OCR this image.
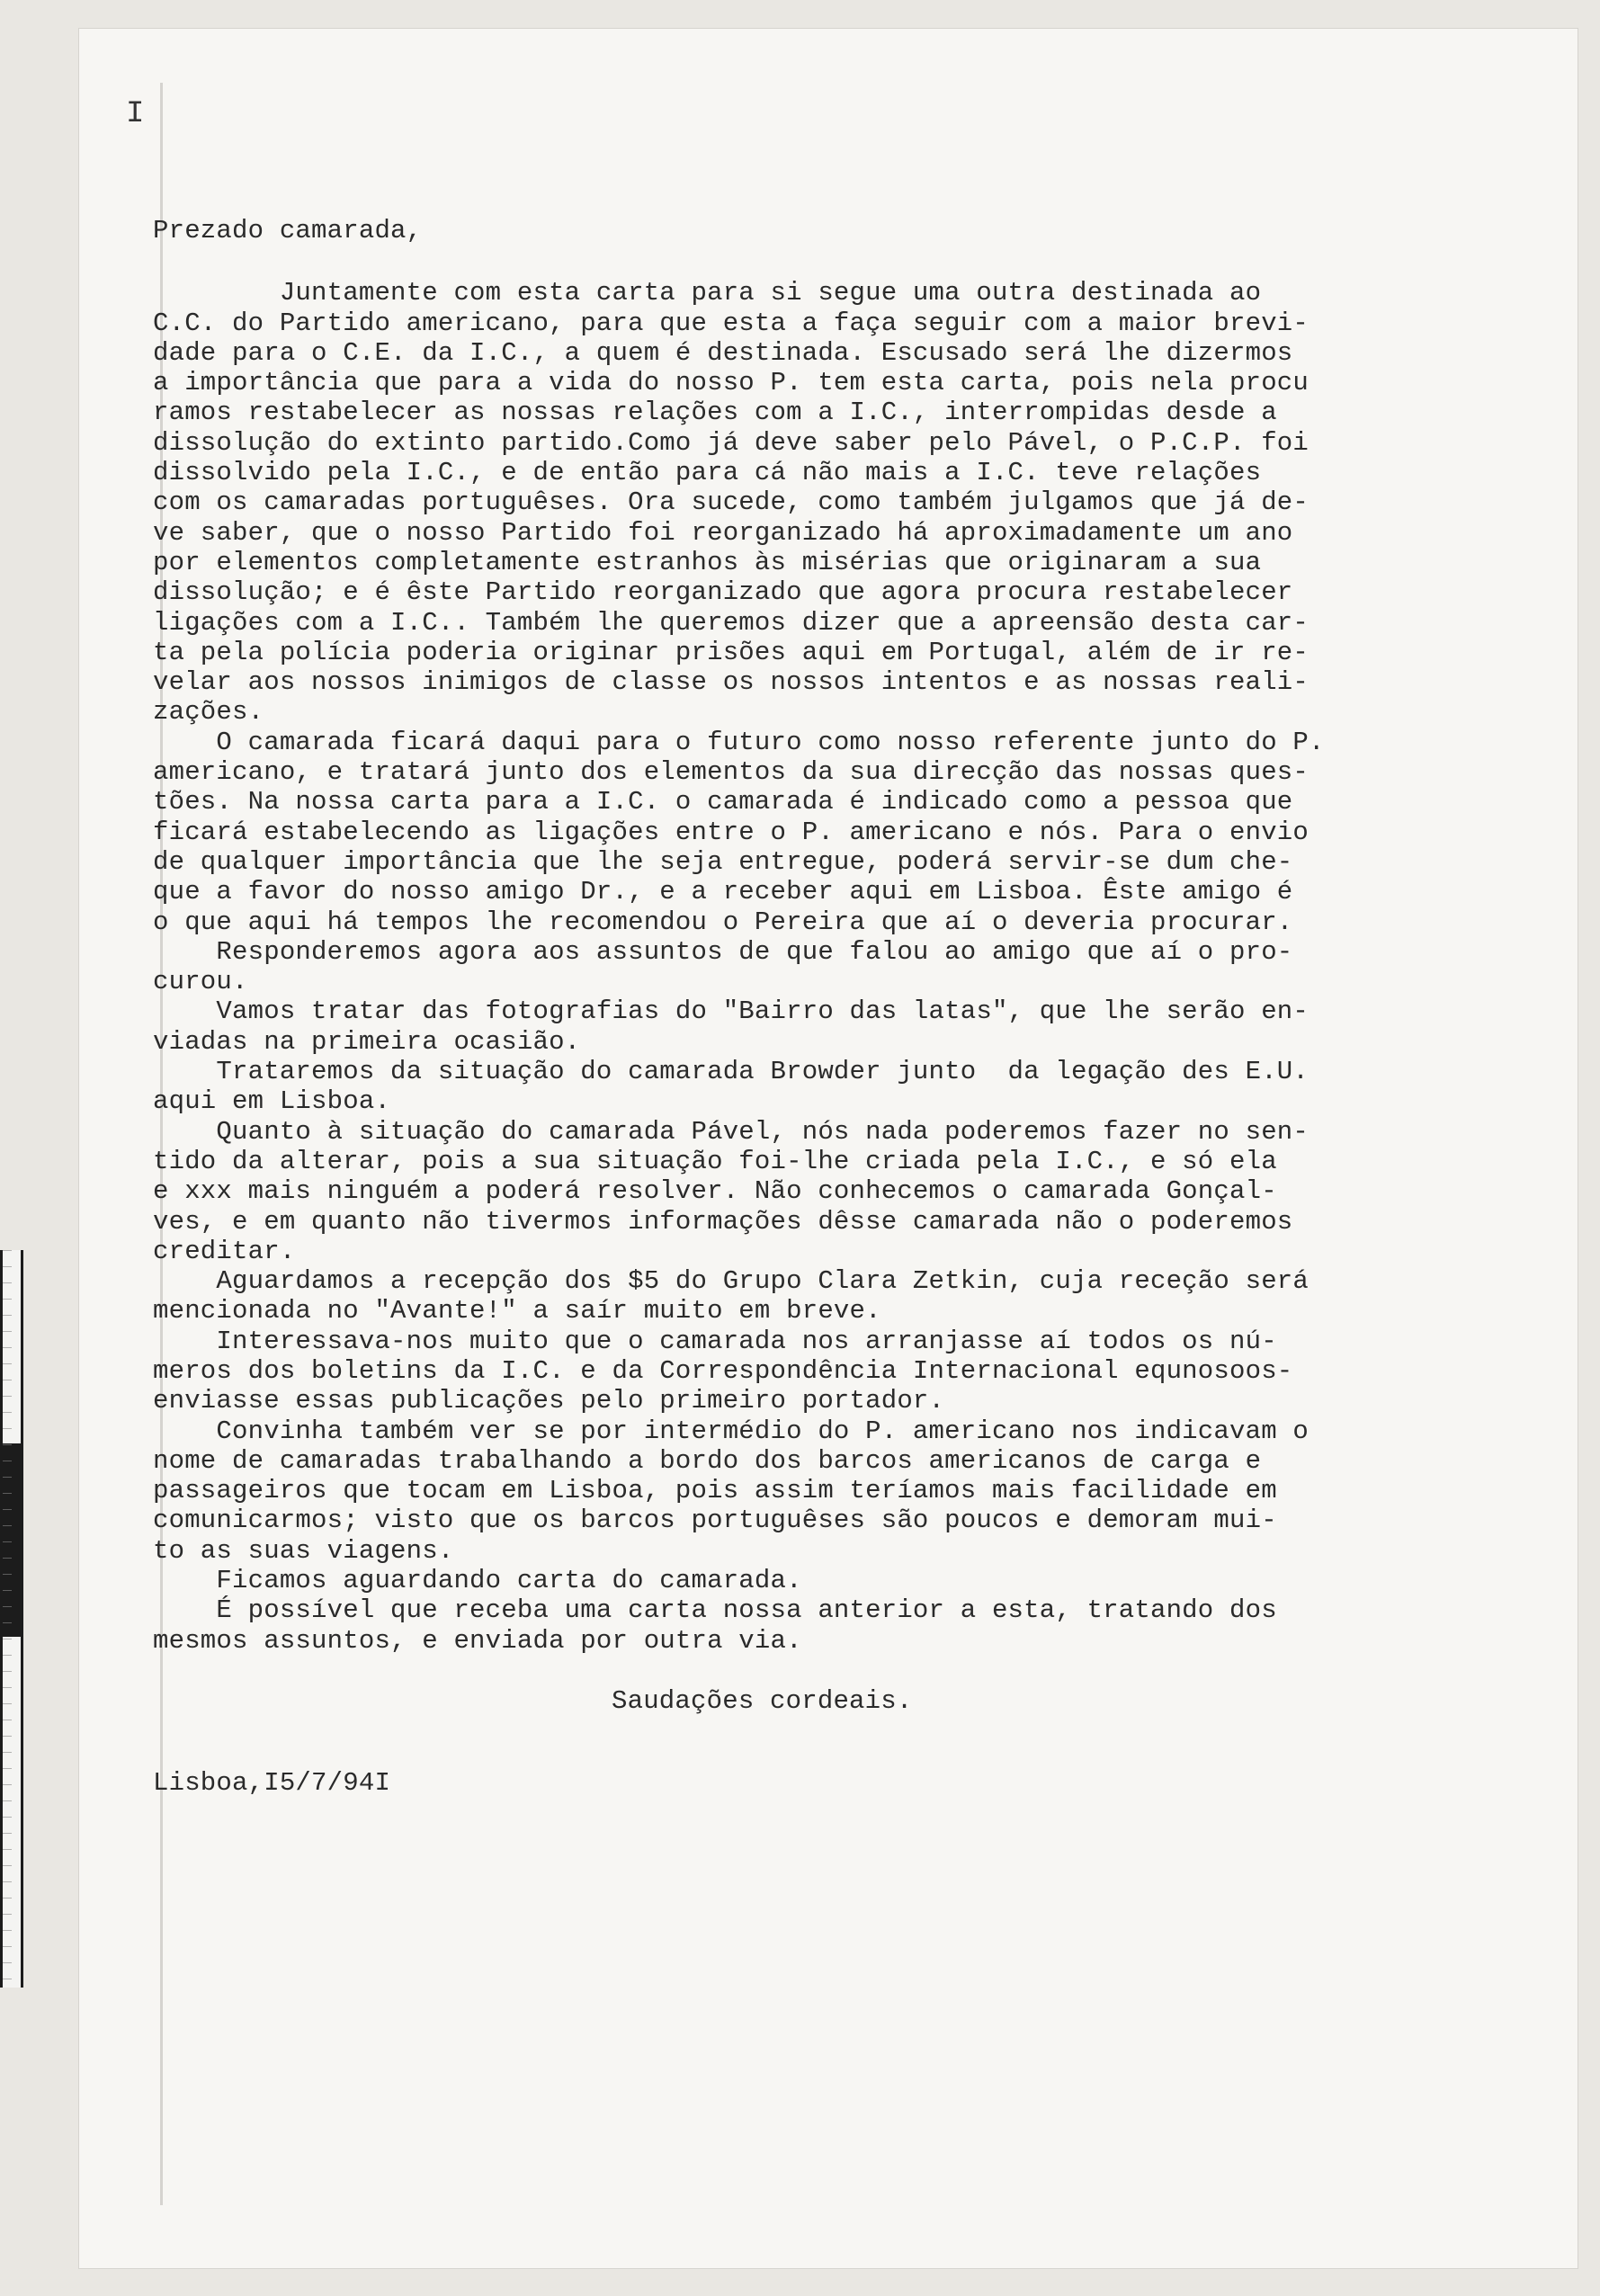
I
Prezado camarada,
Juntamente com esta carta para si segue uma outra destinada ao
C.C. do Partido americano, para que esta a faça seguir com a maior brevi-
dade para o C.E. da I.C., a quem é destinada. Escusado será lhe dizermos
a importância que para a vida do nosso P. tem esta carta, pois nela procu
ramos restabelecer as nossas relações com a I.C., interrompidas desde a
dissolução do extinto partido.Como já deve saber pelo Pável, o P.C.P. foi
dissolvido pela I.C., e de então para cá não mais a I.C. teve relações
com os camaradas portuguêses. Ora sucede, como também julgamos que já de-
ve saber, que o nosso Partido foi reorganizado há aproximadamente um ano
por elementos completamente estranhos às misérias que originaram a sua
dissolução; e é êste Partido reorganizado que agora procura restabelecer
ligações com a I.C.. Também lhe queremos dizer que a apreensão desta car-
ta pela polícia poderia originar prisões aqui em Portugal, além de ir re-
velar aos nossos inimigos de classe os nossos intentos e as nossas reali-
zações.
O camarada ficará daqui para o futuro como nosso referente junto do P.
americano, e tratará junto dos elementos da sua direcção das nossas ques-
tões. Na nossa carta para a I.C. o camarada é indicado como a pessoa que
ficará estabelecendo as ligações entre o P. americano e nós. Para o envio
de qualquer importância que lhe seja entregue, poderá servir-se dum che-
que a favor do nosso amigo Dr., e a receber aqui em Lisboa. Êste amigo é
o que aqui há tempos lhe recomendou o Pereira que aí o deveria procurar.
Responderemos agora aos assuntos de que falou ao amigo que aí o pro-
curou.
Vamos tratar das fotografias do "Bairro das latas", que lhe serão en-
viadas na primeira ocasião.
Trataremos da situação do camarada Browder junto  da legação des E.U.
aqui em Lisboa.
Quanto à situação do camarada Pável, nós nada poderemos fazer no sen-
tido da alterar, pois a sua situação foi-lhe criada pela I.C., e só ela
e xxx mais ninguém a poderá resolver. Não conhecemos o camarada Gonçal-
ves, e em quanto não tivermos informações dêsse camarada não o poderemos
creditar.
Aguardamos a recepção dos $5 do Grupo Clara Zetkin, cuja receção será
mencionada no "Avante!" a saír muito em breve.
Interessava-nos muito que o camarada nos arranjasse aí todos os nú-
meros dos boletins da I.C. e da Correspondência Internacional equnosoos-
enviasse essas publicações pelo primeiro portador.
Convinha também ver se por intermédio do P. americano nos indicavam o
nome de camaradas trabalhando a bordo dos barcos americanos de carga e
passageiros que tocam em Lisboa, pois assim teríamos mais facilidade em
comunicarmos; visto que os barcos portuguêses são poucos e demoram mui-
to as suas viagens.
Ficamos aguardando carta do camarada.
É possível que receba uma carta nossa anterior a esta, tratando dos
mesmos assuntos, e enviada por outra via.
Saudações cordeais.
Lisboa,I5/7/94I
